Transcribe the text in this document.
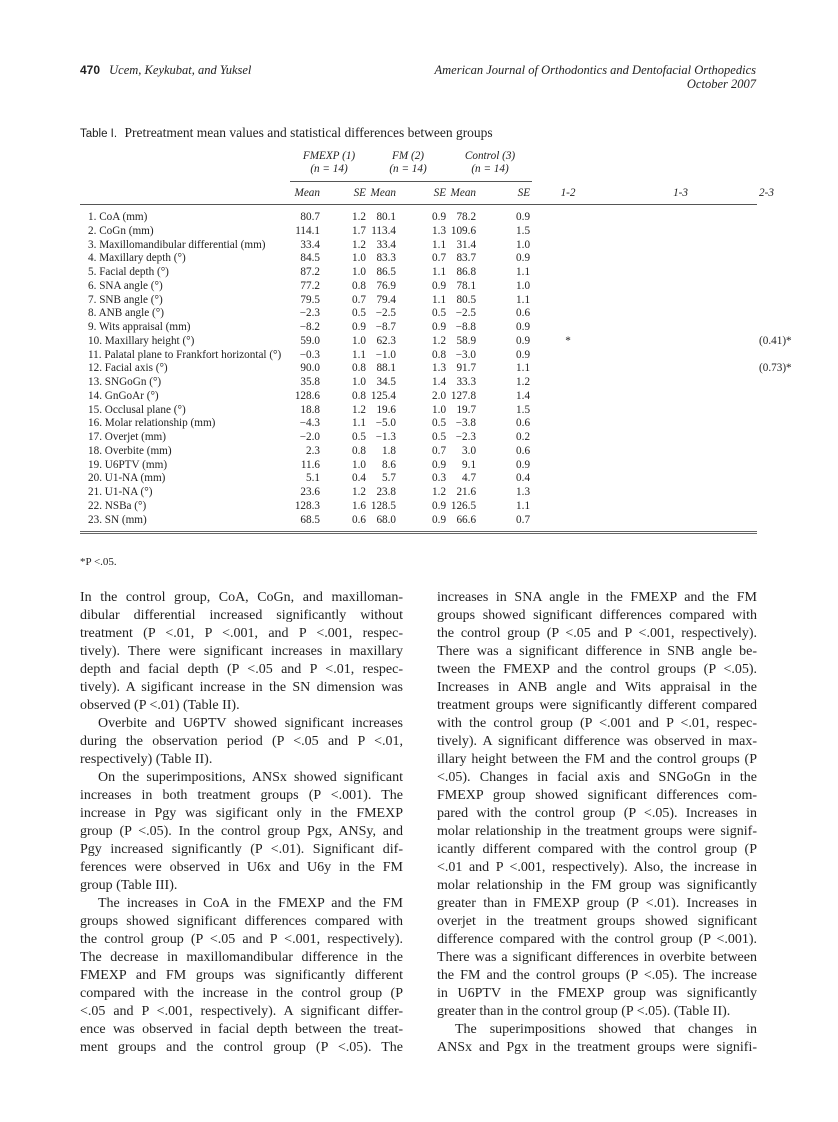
470 Ucem, Keykubat, and Yuksel	American Journal of Orthodontics and Dentofacial Orthopedics
October 2007
Table I. Pretreatment mean values and statistical differences between groups
		FMEXP (1)
(n = 14)		FM (2)
(n = 14)		Control (3)
(n = 14)				
		Mean	SE	Mean	SE	Mean	SE	1-2	1-3	2-3
1. CoA (mm)		80.7	1.2	80.1	0.9	78.2	0.9			
2. CoGn (mm)		114.1	1.7	113.4	1.3	109.6	1.5			
3. Maxillomandibular differential (mm)		33.4	1.2	33.4	1.1	31.4	1.0			
4. Maxillary depth (°)		84.5	1.0	83.3	0.7	83.7	0.9			
5. Facial depth (°)		87.2	1.0	86.5	1.1	86.8	1.1			
6. SNA angle (°)		77.2	0.8	76.9	0.9	78.1	1.0			
7. SNB angle (°)		79.5	0.7	79.4	1.1	80.5	1.1			
8. ANB angle (°)		−2.3	0.5	−2.5	0.5	−2.5	0.6			
9. Wits appraisal (mm)		−8.2	0.9	−8.7	0.9	−8.8	0.9			
10. Maxillary height (°)		59.0	1.0	62.3	1.2	58.9	0.9	*		(0.41)*
11. Palatal plane to Frankfort horizontal (°)		−0.3	1.1	−1.0	0.8	−3.0	0.9			
12. Facial axis (°)		90.0	0.8	88.1	1.3	91.7	1.1			(0.73)*
13. SNGoGn (°)		35.8	1.0	34.5	1.4	33.3	1.2			
14. GnGoAr (°)		128.6	0.8	125.4	2.0	127.8	1.4			
15. Occlusal plane (°)		18.8	1.2	19.6	1.0	19.7	1.5			
16. Molar relationship (mm)		−4.3	1.1	−5.0	0.5	−3.8	0.6			
17. Overjet (mm)		−2.0	0.5	−1.3	0.5	−2.3	0.2			
18. Overbite (mm)		2.3	0.8	1.8	0.7	3.0	0.6			
19. U6PTV (mm)		11.6	1.0	8.6	0.9	9.1	0.9			
20. U1-NA (mm)		5.1	0.4	5.7	0.3	4.7	0.4			
21. U1-NA (°)		23.6	1.2	23.8	1.2	21.6	1.3			
22. NSBa (°)		128.3	1.6	128.5	0.9	126.5	1.1			
23. SN (mm)		68.5	0.6	68.0	0.9	66.6	0.7			
*P <.05.
In the control group, CoA, CoGn, and maxilloman-
dibular differential increased significantly without
treatment (P <.01, P <.001, and P <.001, respec-
tively). There were significant increases in maxillary
depth and facial depth (P <.05 and P <.01, respec-
tively). A sigificant increase in the SN dimension was
observed (P <.01) (Table II).
Overbite and U6PTV showed significant increases
during the observation period (P <.05 and P <.01,
respectively) (Table II).
On the superimpositions, ANSx showed significant
increases in both treatment groups (P <.001). The
increase in Pgy was sigificant only in the FMEXP
group (P <.05). In the control group Pgx, ANSy, and
Pgy increased significantly (P <.01). Significant dif-
ferences were observed in U6x and U6y in the FM
group (Table III).
The increases in CoA in the FMEXP and the FM
groups showed significant differences compared with
the control group (P <.05 and P <.001, respectively).
The decrease in maxillomandibular difference in the
FMEXP and FM groups was significantly different
compared with the increase in the control group (P
<.05 and P <.001, respectively). A significant differ-
ence was observed in facial depth between the treat-
ment groups and the control group (P <.05). The
increases in SNA angle in the FMEXP and the FM
groups showed significant differences compared with
the control group (P <.05 and P <.001, respectively).
There was a significant difference in SNB angle be-
tween the FMEXP and the control groups (P <.05).
Increases in ANB angle and Wits appraisal in the
treatment groups were significantly different compared
with the control group (P <.001 and P <.01, respec-
tively). A significant difference was observed in max-
illary height between the FM and the control groups (P
<.05). Changes in facial axis and SNGoGn in the
FMEXP group showed significant differences com-
pared with the control group (P <.05). Increases in
molar relationship in the treatment groups were signif-
icantly different compared with the control group (P
<.01 and P <.001, respectively). Also, the increase in
molar relationship in the FM group was significantly
greater than in FMEXP group (P <.01). Increases in
overjet in the treatment groups showed significant
difference compared with the control group (P <.001).
There was a significant differences in overbite between
the FM and the control groups (P <.05). The increase
in U6PTV in the FMEXP group was significantly
greater than in the control group (P <.05). (Table II).
The superimpositions showed that changes in
ANSx and Pgx in the treatment groups were signifi-
